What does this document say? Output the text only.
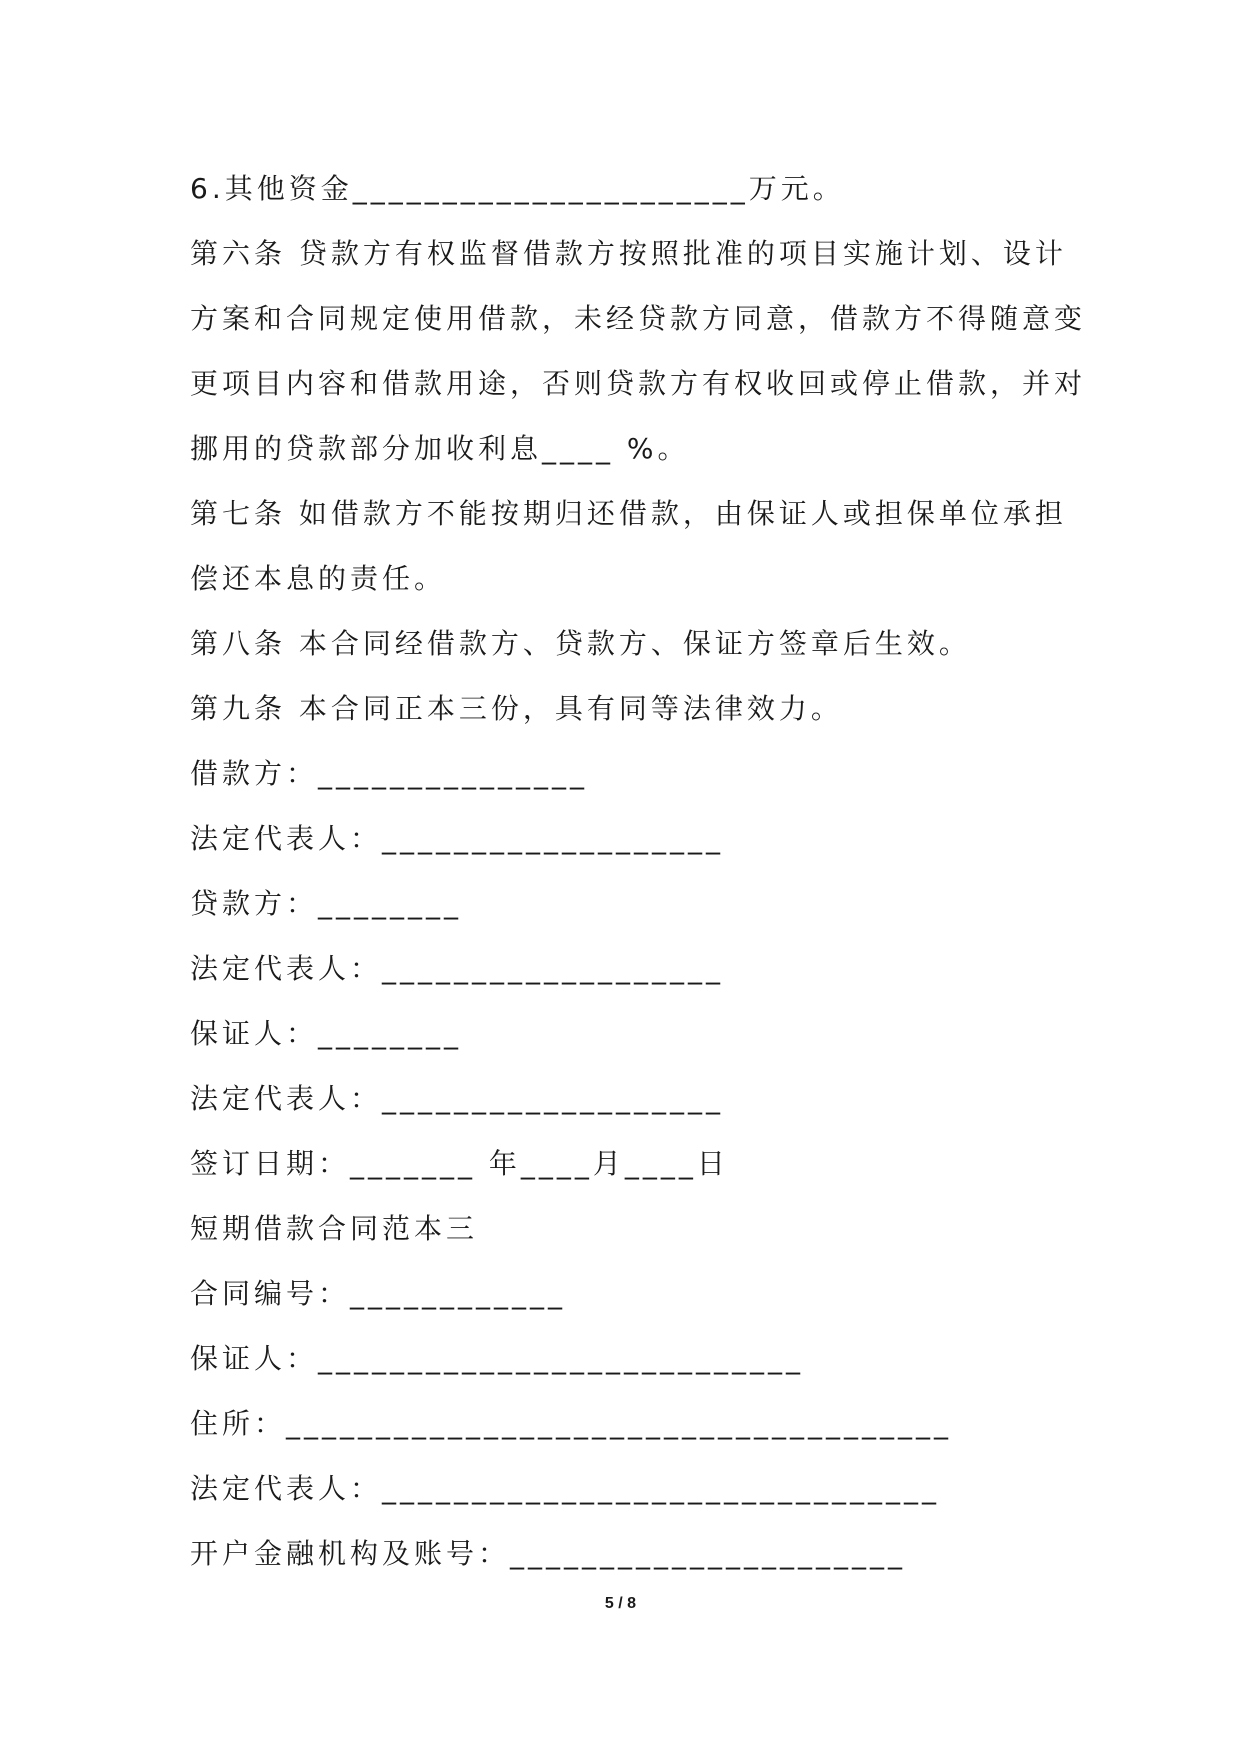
6.其他资金______________________万元。
第六条 贷款方有权监督借款方按照批准的项目实施计划、设计
方案和合同规定使用借款，未经贷款方同意，借款方不得随意变
更项目内容和借款用途，否则贷款方有权收回或停止借款，并对
挪用的贷款部分加收利息____ %。
第七条 如借款方不能按期归还借款，由保证人或担保单位承担
偿还本息的责任。
第八条 本合同经借款方、贷款方、保证方签章后生效。
第九条 本合同正本三份，具有同等法律效力。
借款方：_______________
法定代表人：___________________
贷款方：________
法定代表人：___________________
保证人：________
法定代表人：___________________
签订日期：_______ 年____月____日
短期借款合同范本三
合同编号：____________
保证人：___________________________
住所：_____________________________________
法定代表人：_______________________________
开户金融机构及账号：______________________
5 / 8
